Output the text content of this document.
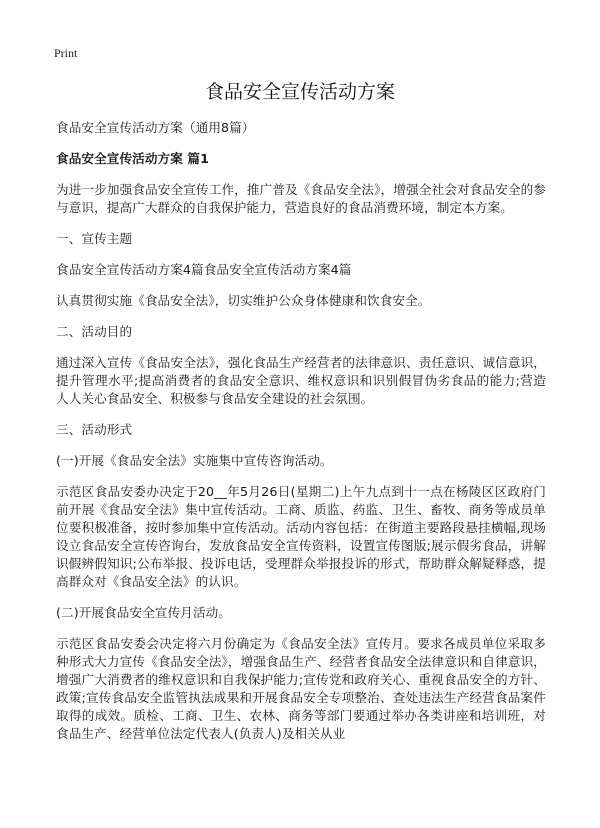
Print
食品安全宣传活动方案

食品安全宣传活动方案（通用8篇）

食品安全宣传活动方案 篇1

为进一步加强食品安全宣传工作，推广普及《食品安全法》，增强全社会对食品安全的参与意识，提高广大群众的自我保护能力，营造良好的食品消费环境，制定本方案。

一、宣传主题

食品安全宣传活动方案4篇食品安全宣传活动方案4篇

认真贯彻实施《食品安全法》，切实维护公众身体健康和饮食安全。

二、活动目的

通过深入宣传《食品安全法》，强化食品生产经营者的法律意识、责任意识、诚信意识，提升管理水平;提高消费者的食品安全意识、维权意识和识别假冒伪劣食品的能力;营造人人关心食品安全、积极参与食品安全建设的社会氛围。

三、活动形式

(一)开展《食品安全法》实施集中宣传咨询活动。

示范区食品安委办决定于20__年5月26日(星期二)上午九点到十一点在杨陵区区政府门前开展《食品安全法》集中宣传活动。工商、质监、药监、卫生、畜牧、商务等成员单位要积极准备，按时参加集中宣传活动。活动内容包括：在街道主要路段悬挂横幅,现场设立食品安全宣传咨询台，发放食品安全宣传资料，设置宣传图版;展示假劣食品，讲解识假辨假知识;公布举报、投诉电话，受理群众举报投诉的形式，帮助群众解疑释惑，提高群众对《食品安全法》的认识。

(二)开展食品安全宣传月活动。

示范区食品安委会决定将六月份确定为《食品安全法》宣传月。要求各成员单位采取多种形式大力宣传《食品安全法》，增强食品生产、经营者食品安全法律意识和自律意识，增强广大消费者的维权意识和自我保护能力;宣传党和政府关心、重视食品安全的方针、政策;宣传食品安全监管执法成果和开展食品安全专项整治、查处违法生产经营食品案件取得的成效。质检、工商、卫生、农林、商务等部门要通过举办各类讲座和培训班，对食品生产、经营单位法定代表人(负责人)及相关从业
